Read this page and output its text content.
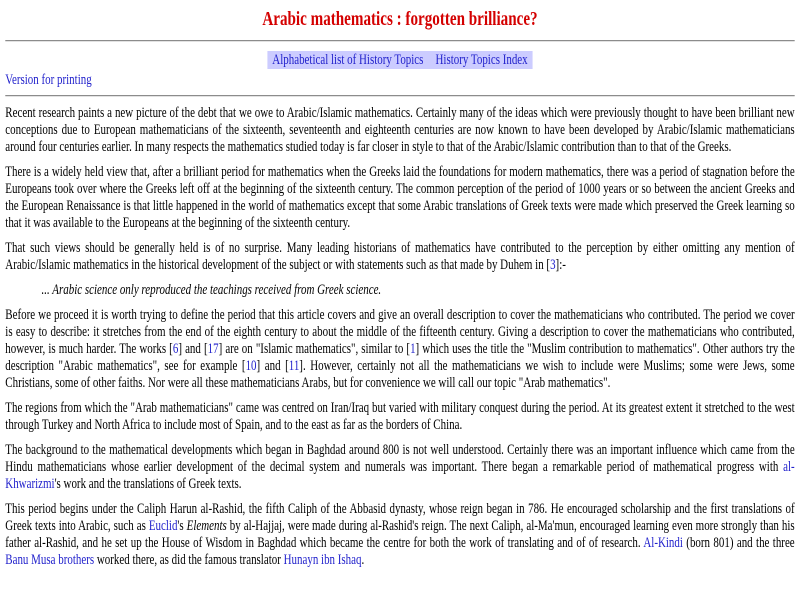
Arabic mathematics : forgotten brilliance?
Alphabetical list of History Topics History Topics Index
Version for printing

Recent research paints a new picture of the debt that we owe to Arabic/Islamic mathematics. Certainly many of the ideas which were previously thought to have been brilliant new conceptions due to European mathematicians of the sixteenth, seventeenth and eighteenth centuries are now known to have been developed by Arabic/Islamic mathematicians around four centuries earlier. In many respects the mathematics studied today is far closer in style to that of the Arabic/Islamic contribution than to that of the Greeks.

There is a widely held view that, after a brilliant period for mathematics when the Greeks laid the foundations for modern mathematics, there was a period of stagnation before the Europeans took over where the Greeks left off at the beginning of the sixteenth century. The common perception of the period of 1000 years or so between the ancient Greeks and the European Renaissance is that little happened in the world of mathematics except that some Arabic translations of Greek texts were made which preserved the Greek learning so that it was available to the Europeans at the beginning of the sixteenth century.

That such views should be generally held is of no surprise. Many leading historians of mathematics have contributed to the perception by either omitting any mention of Arabic/Islamic mathematics in the historical development of the subject or with statements such as that made by Duhem in [3]:-

... Arabic science only reproduced the teachings received from Greek science.

Before we proceed it is worth trying to define the period that this article covers and give an overall description to cover the mathematicians who contributed. The period we cover is easy to describe: it stretches from the end of the eighth century to about the middle of the fifteenth century. Giving a description to cover the mathematicians who contributed, however, is much harder. The works [6] and [17] are on "Islamic mathematics", similar to [1] which uses the title the "Muslim contribution to mathematics". Other authors try the description "Arabic mathematics", see for example [10] and [11]. However, certainly not all the mathematicians we wish to include were Muslims; some were Jews, some Christians, some of other faiths. Nor were all these mathematicians Arabs, but for convenience we will call our topic "Arab mathematics".

The regions from which the "Arab mathematicians" came was centred on Iran/Iraq but varied with military conquest during the period. At its greatest extent it stretched to the west through Turkey and North Africa to include most of Spain, and to the east as far as the borders of China.

The background to the mathematical developments which began in Baghdad around 800 is not well understood. Certainly there was an important influence which came from the Hindu mathematicians whose earlier development of the decimal system and numerals was important. There began a remarkable period of mathematical progress with al-Khwarizmi's work and the translations of Greek texts.

This period begins under the Caliph Harun al-Rashid, the fifth Caliph of the Abbasid dynasty, whose reign began in 786. He encouraged scholarship and the first translations of Greek texts into Arabic, such as Euclid's Elements by al-Hajjaj, were made during al-Rashid's reign. The next Caliph, al-Ma'mun, encouraged learning even more strongly than his father al-Rashid, and he set up the House of Wisdom in Baghdad which became the centre for both the work of translating and of of research. Al-Kindi (born 801) and the three Banu Musa brothers worked there, as did the famous translator Hunayn ibn Ishaq.
